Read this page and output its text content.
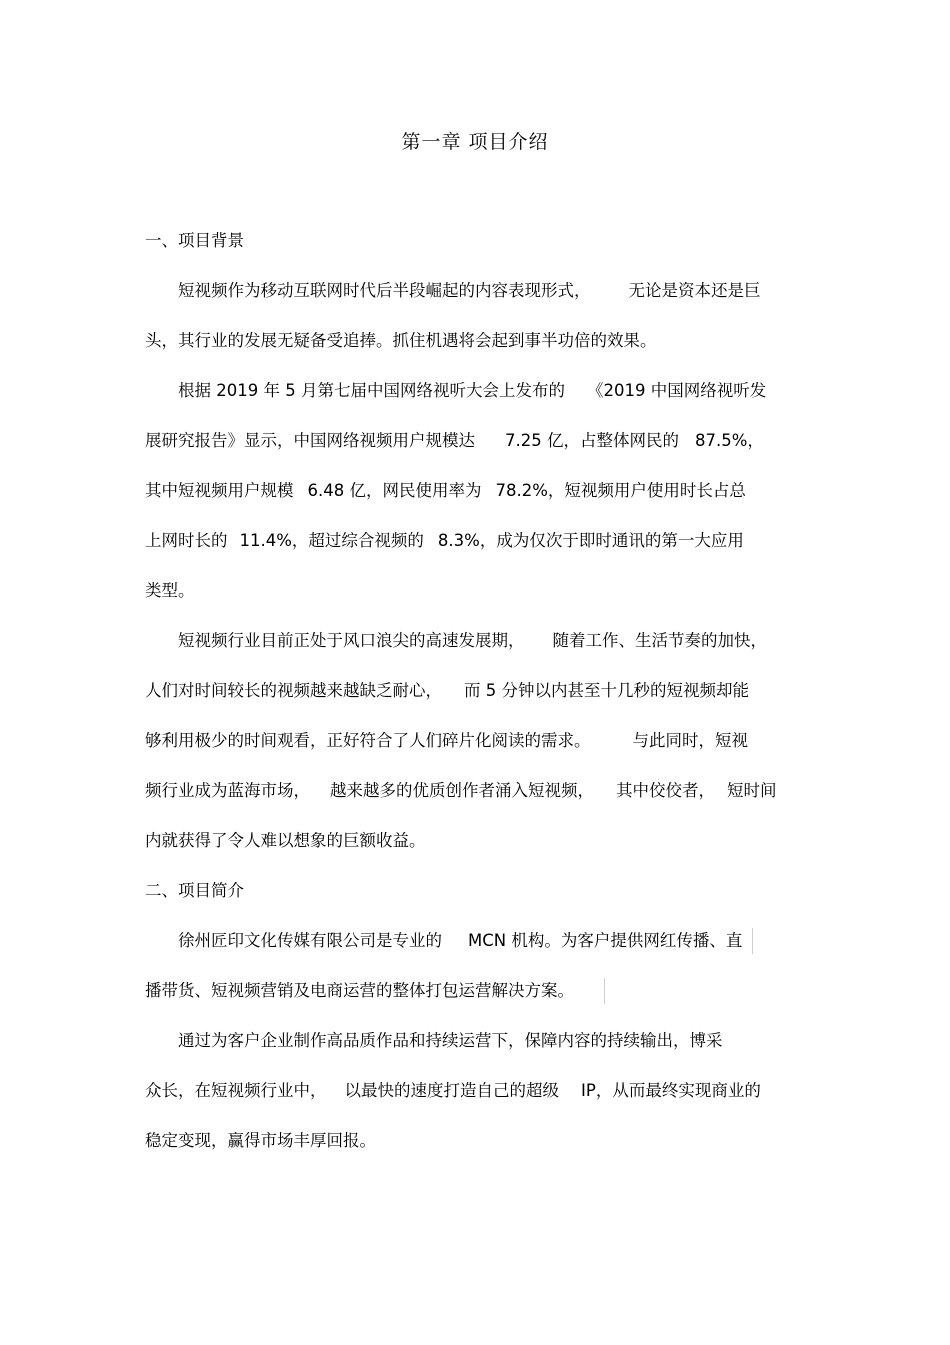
第一章 项目介绍
一、项目背景
短视频作为移动互联网时代后半段崛起的内容表现形式， 无论是资本还是巨
头，其行业的发展无疑备受追捧。抓住机遇将会起到事半功倍的效果。
根据 2019 年 5 月第七届中国网络视听大会上发布的 《2019 中国网络视听发
展研究报告》显示，中国网络视频用户规模达 7.25 亿，占整体网民的 87.5%，
其中短视频用户规模 6.48 亿，网民使用率为 78.2%，短视频用户使用时长占总
上网时长的 11.4%，超过综合视频的 8.3%，成为仅次于即时通讯的第一大应用
类型。
短视频行业目前正处于风口浪尖的高速发展期， 随着工作、生活节奏的加快，
人们对时间较长的视频越来越缺乏耐心， 而 5 分钟以内甚至十几秒的短视频却能
够利用极少的时间观看，正好符合了人们碎片化阅读的需求。	与此同时，短视
频行业成为蓝海市场， 越来越多的优质创作者涌入短视频， 其中佼佼者， 短时间
内就获得了令人难以想象的巨额收益。
二、项目简介
徐州匠印文化传媒有限公司是专业的 MCN 机构。为客户提供网红传播、直
播带货、短视频营销及电商运营的整体打包运营解决方案。
通过为客户企业制作高品质作品和持续运营下，保障内容的持续输出，博采
众长，在短视频行业中， 以最快的速度打造自己的超级 IP，从而最终实现商业的
稳定变现，赢得市场丰厚回报。
